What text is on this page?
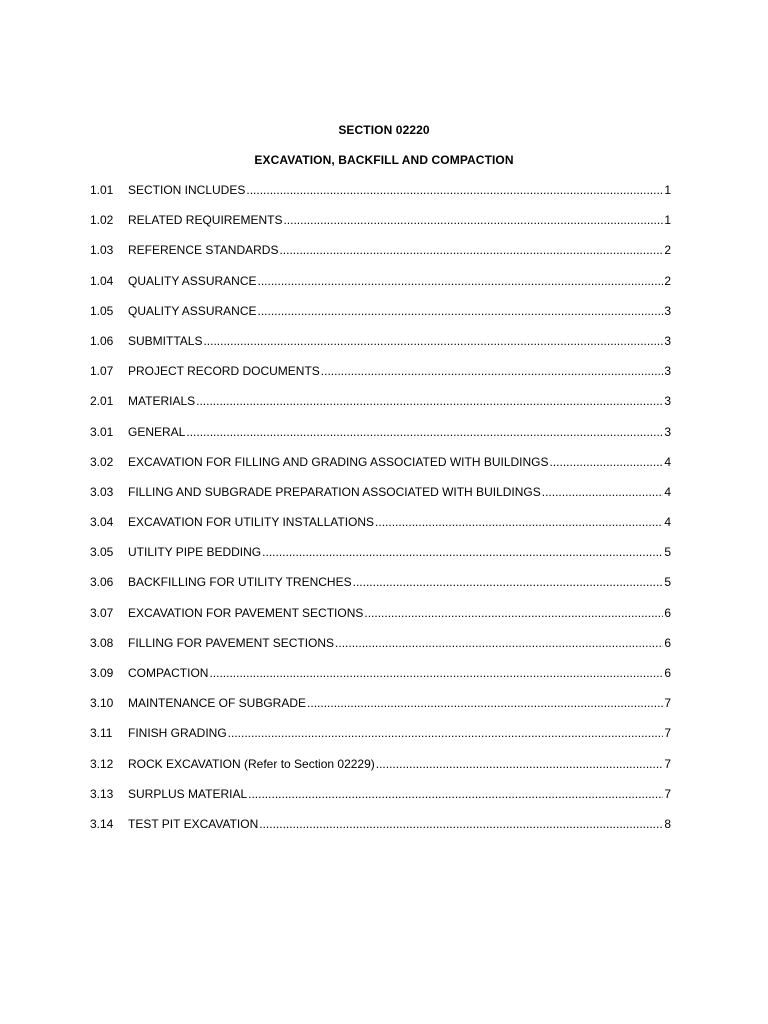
SECTION 02220
EXCAVATION, BACKFILL AND COMPACTION
1.01	SECTION INCLUDES .....	1
1.02	RELATED REQUIREMENTS .....	1
1.03	REFERENCE STANDARDS .....	2
1.04	QUALITY ASSURANCE .....	2
1.05	QUALITY ASSURANCE .....	3
1.06	SUBMITTALS .....	3
1.07	PROJECT RECORD DOCUMENTS .....	3
2.01	MATERIALS .....	3
3.01	GENERAL .....	3
3.02	EXCAVATION FOR FILLING AND GRADING ASSOCIATED WITH BUILDINGS .....	4
3.03	FILLING AND SUBGRADE PREPARATION ASSOCIATED WITH BUILDINGS .....	4
3.04	EXCAVATION FOR UTILITY INSTALLATIONS .....	4
3.05	UTILITY PIPE BEDDING .....	5
3.06	BACKFILLING FOR UTILITY TRENCHES .....	5
3.07	EXCAVATION FOR PAVEMENT SECTIONS .....	6
3.08	FILLING FOR PAVEMENT SECTIONS .....	6
3.09	COMPACTION .....	6
3.10	MAINTENANCE OF SUBGRADE .....	7
3.11	FINISH GRADING .....	7
3.12	ROCK EXCAVATION (Refer to Section 02229) .....	7
3.13	SURPLUS MATERIAL .....	7
3.14	TEST PIT EXCAVATION .....	8
